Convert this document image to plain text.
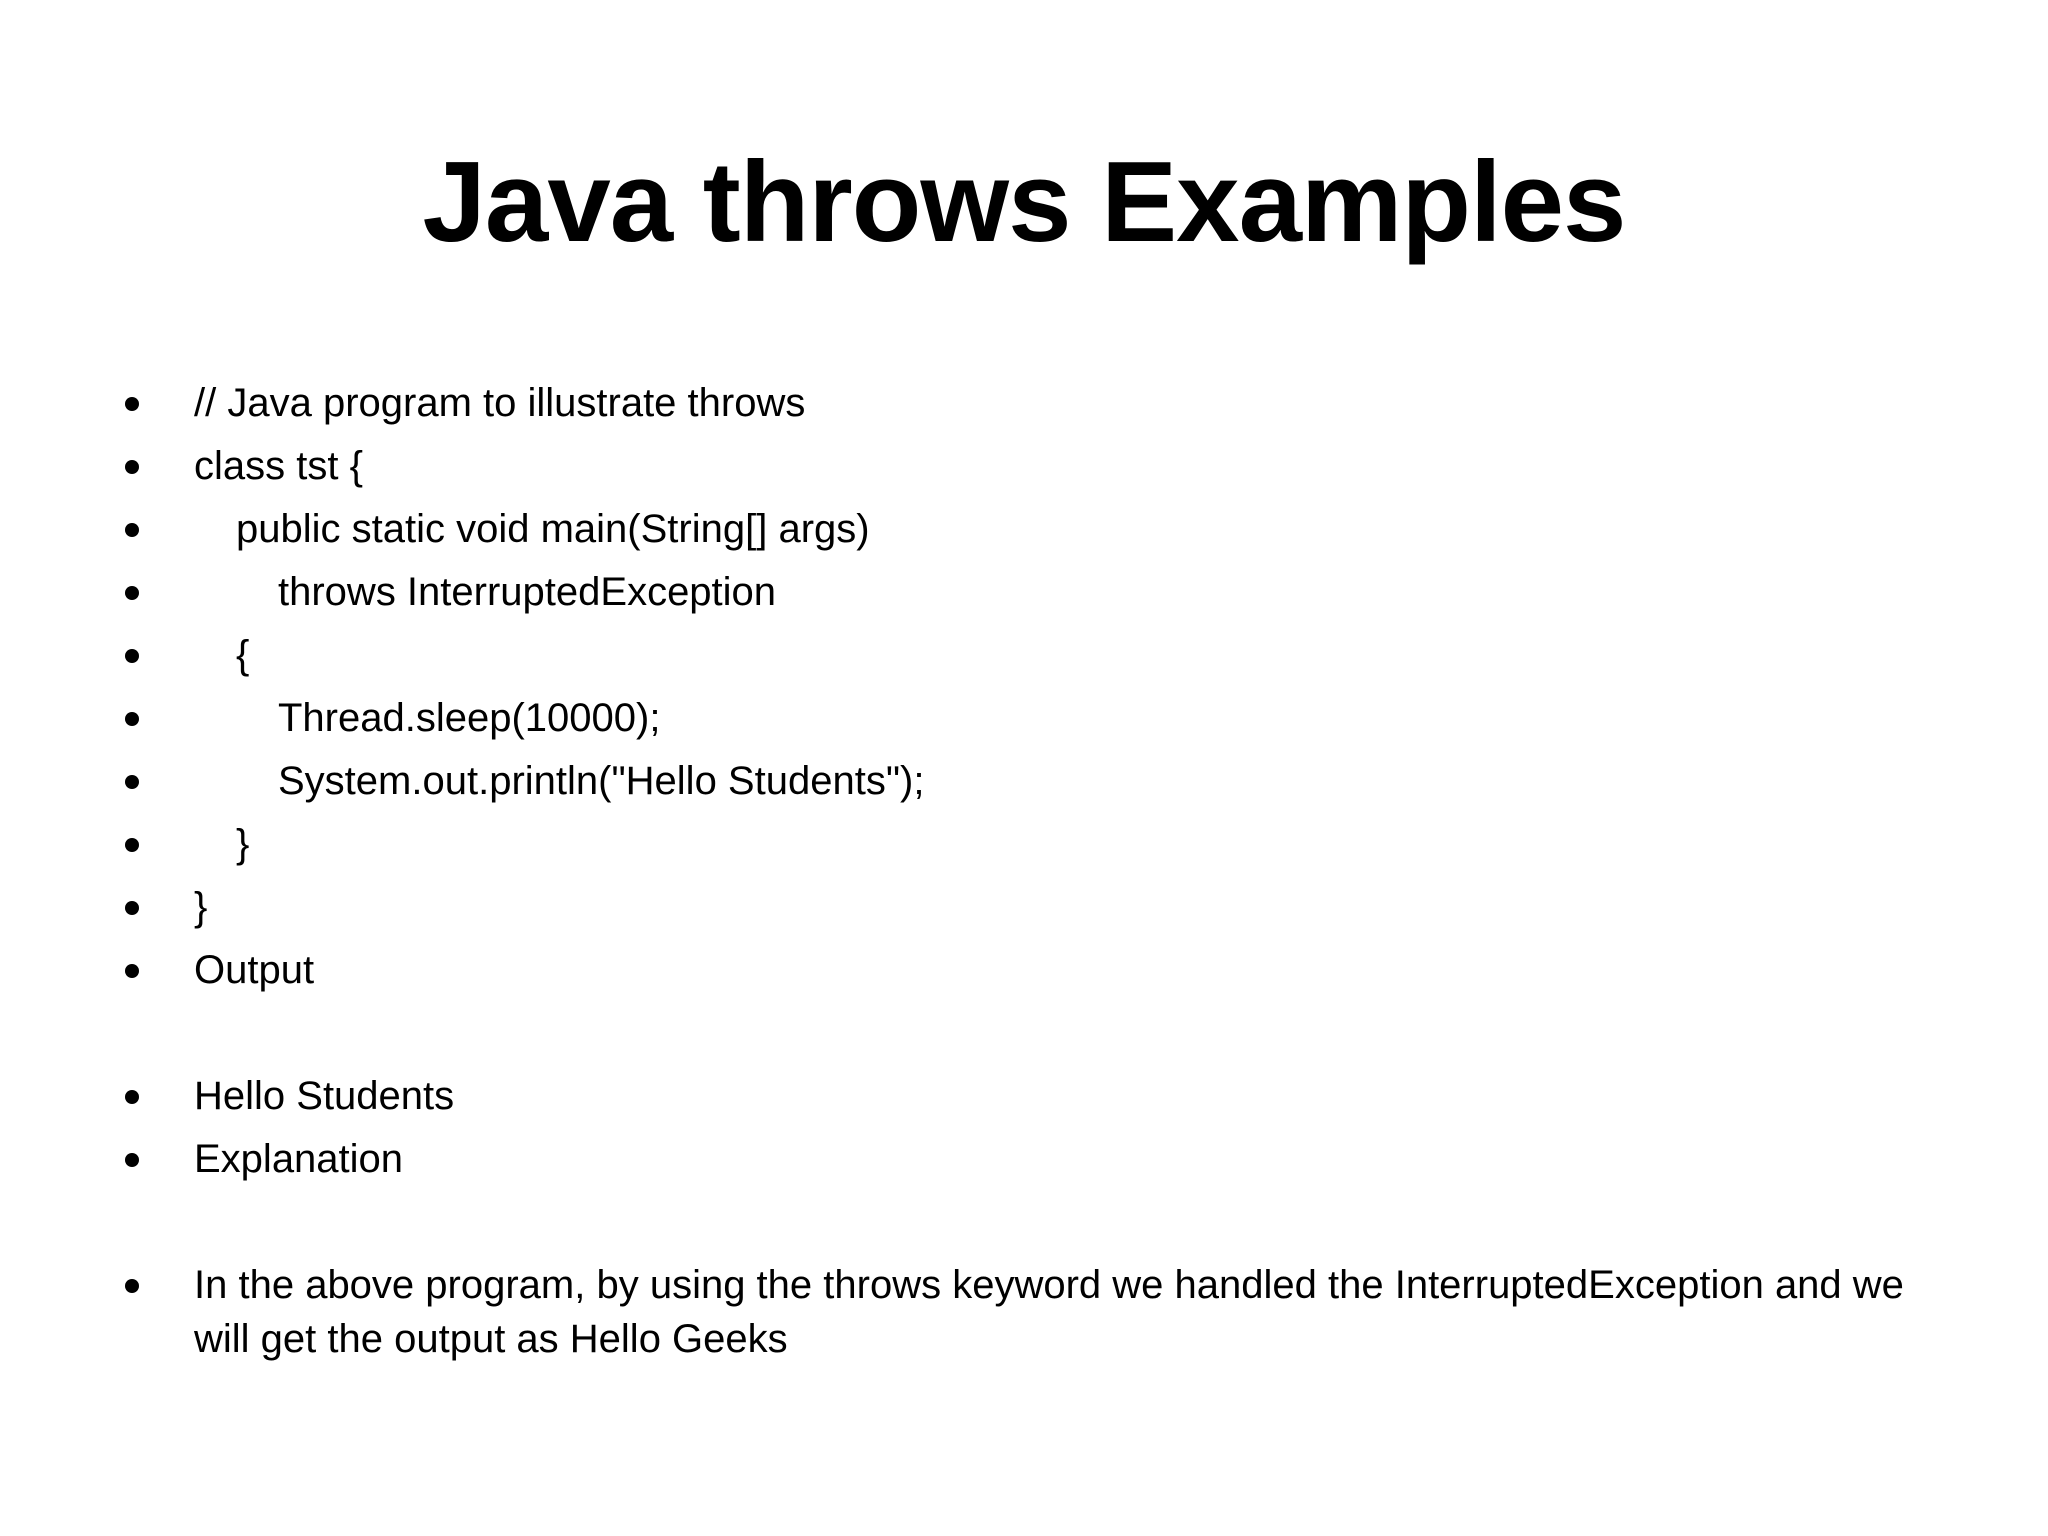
Java throws Examples
// Java program to illustrate throws
class tst {
public static void main(String[] args)
throws InterruptedException
{
Thread.sleep(10000);
System.out.println("Hello Students");
}
}
Output
Hello Students
Explanation
In the above program, by using the throws keyword we handled the InterruptedException and we will get the output as Hello Geeks
